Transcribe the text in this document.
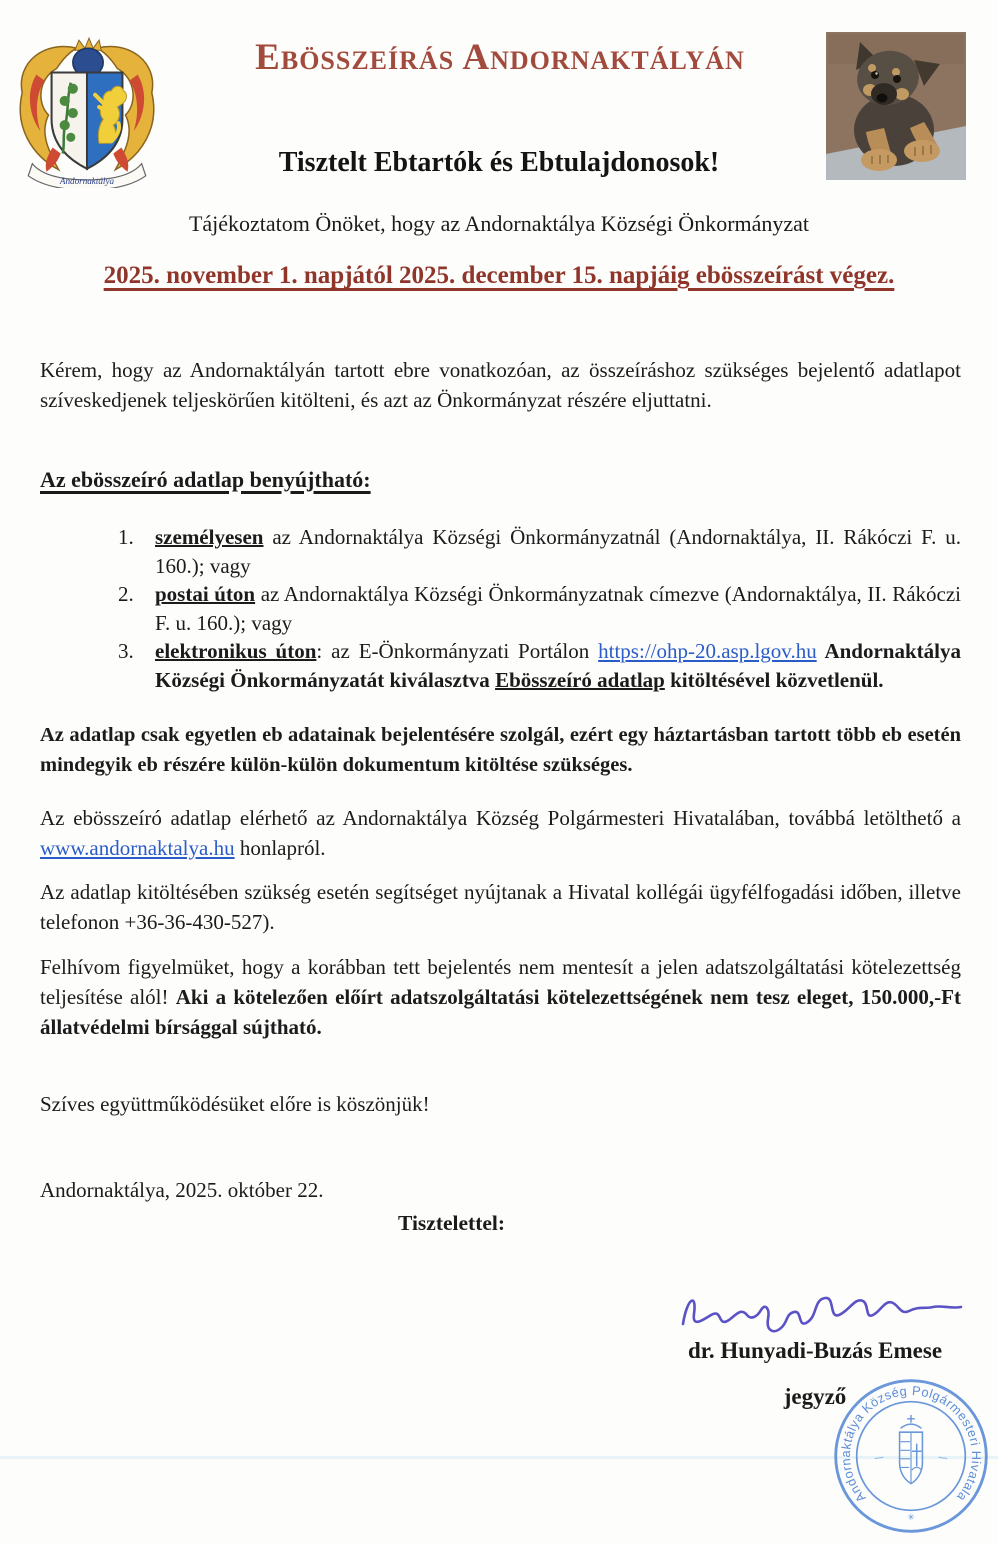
Andornaktálya
Ebösszeírás Andornaktályán
Tisztelt Ebtartók és Ebtulajdonosok!
Tájékoztatom Önöket, hogy az Andornaktálya Községi Önkormányzat
2025. november 1. napjától 2025. december 15. napjáig ebösszeírást végez.

Kérem, hogy az Andornaktályán tartott ebre vonatkozóan, az összeíráshoz szükséges bejelentő adatlapot szíveskedjenek teljeskörűen kitölteni, és azt az Önkormányzat részére eljuttatni.

Az ebösszeíró adatlap benyújtható:
1.	személyesen az Andornaktálya Községi Önkormányzatnál (Andornaktálya, II. Rákóczi F. u. 160.); vagy

2.	postai úton az Andornaktálya Községi Önkormányzatnak címezve (Andornaktálya, II. Rákóczi F. u. 160.); vagy

3.	elektronikus úton: az E-Önkormányzati Portálon https://ohp-20.asp.lgov.hu Andornaktálya Községi Önkormányzatát kiválasztva Ebösszeíró adatlap kitöltésével közvetlenül.

Az adatlap csak egyetlen eb adatainak bejelentésére szolgál, ezért egy háztartásban tartott több eb esetén mindegyik eb részére külön-külön dokumentum kitöltése szükséges.

Az ebösszeíró adatlap elérhető az Andornaktálya Község Polgármesteri Hivatalában, továbbá letölthető a www.andornaktalya.hu honlapról.

Az adatlap kitöltésében szükség esetén segítséget nyújtanak a Hivatal kollégái ügyfélfogadási időben, illetve telefonon +36-36-430-527).

Felhívom figyelmüket, hogy a korábban tett bejelentés nem mentesít a jelen adatszolgáltatási kötelezettség teljesítése alól! Aki a kötelezően előírt adatszolgáltatási kötelezettségének nem tesz eleget, 150.000,-Ft állatvédelmi bírsággal sújtható.

Szíves együttműködésüket előre is köszönjük!

Andornaktálya, 2025. október 22.

Tisztelettel:

dr. Hunyadi-Buzás Emese
jegyző
Andornaktálya Község Polgármesteri Hivatala
✳
